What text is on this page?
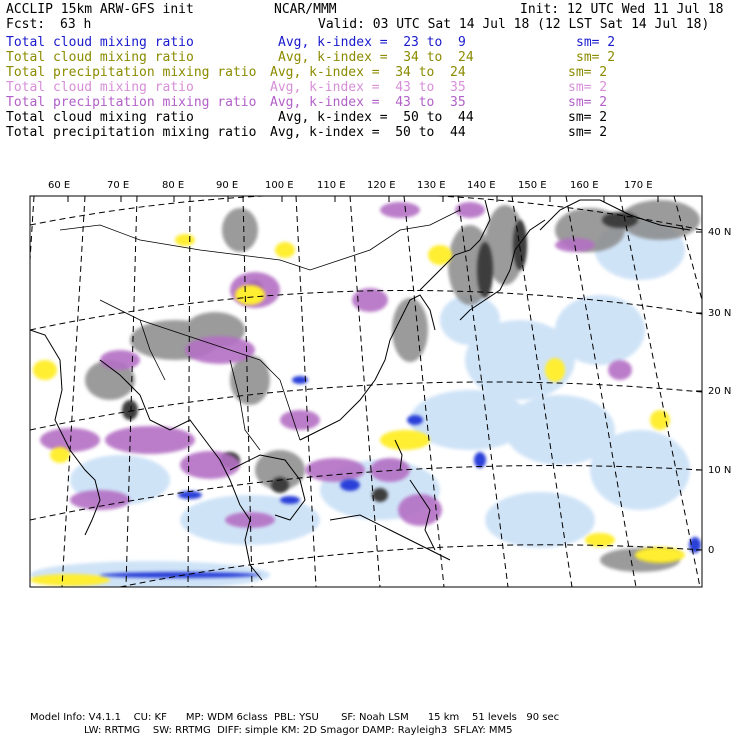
ACCLIP 15km ARW-GFS init	NCAR/MMM	Init: 12 UTC Wed 11 Jul 18
Fcst: 63 h	Valid: 03 UTC Sat 14 Jul 18 (12 LST Sat 14 Jul 18)
Total cloud mixing ratio	Avg, k-index =  23 to  9	sm= 2
Total cloud mixing ratio	Avg, k-index =  34 to  24	sm= 2
Total precipitation mixing ratio Avg, k-index =  34 to  24	sm= 2
Total cloud mixing ratio	Avg, k-index =  43 to  35	sm= 2
Total precipitation mixing ratio Avg, k-index =  43 to  35	sm= 2
Total cloud mixing ratio	Avg, k-index =  50 to  44	sm= 2
Total precipitation mixing ratio Avg, k-index =  50 to  44	sm= 2
60 E	70 E	80 E	90 E	100 E 110 E 120 E 130 E 140 E 150 E 160 E	170 E
40 N
30 N
20 N
10 N
0
Model Info: V4.1.1    CU: KF      MP: WDM 6class  PBL: YSU       SF: Noah LSM      15 km    51 levels   90 sec
LW: RRTMG    SW: RRTMG  DIFF: simple KM: 2D Smagor DAMP: Rayleigh3  SFLAY: MM5
